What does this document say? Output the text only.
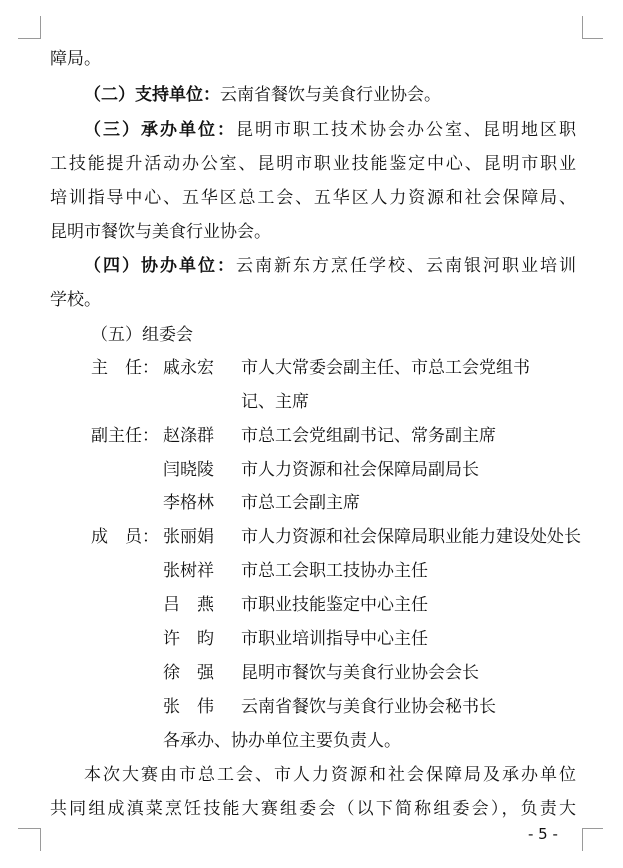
障局。
（二）支持单位：云南省餐饮与美食行业协会。
（三）承办单位：昆明市职工技术协会办公室、昆明地区职
工技能提升活动办公室、昆明市职业技能鉴定中心、昆明市职业
培训指导中心、五华区总工会、五华区人力资源和社会保障局、
昆明市餐饮与美食行业协会。
（四）协办单位：云南新东方烹任学校、云南银河职业培训
学校。
（五）组委会
主　任： 戚永宏	市人大常委会副主任、市总工会党组书
记、主席
副主任： 赵涤群	市总工会党组副书记、常务副主席
闫晓陵	市人力资源和社会保障局副局长
李格林	市总工会副主席
成　员： 张丽娟	市人力资源和社会保障局职业能力建设处处长
张树祥	市总工会职工技协办主任
吕　燕	市职业技能鉴定中心主任
许　昀	市职业培训指导中心主任
徐　强	昆明市餐饮与美食行业协会会长
张　伟	云南省餐饮与美食行业协会秘书长
各承办、协办单位主要负责人。
本次大赛由市总工会、市人力资源和社会保障局及承办单位
共同组成滇菜烹饪技能大赛组委会（以下简称组委会），负责大
- 5 -
